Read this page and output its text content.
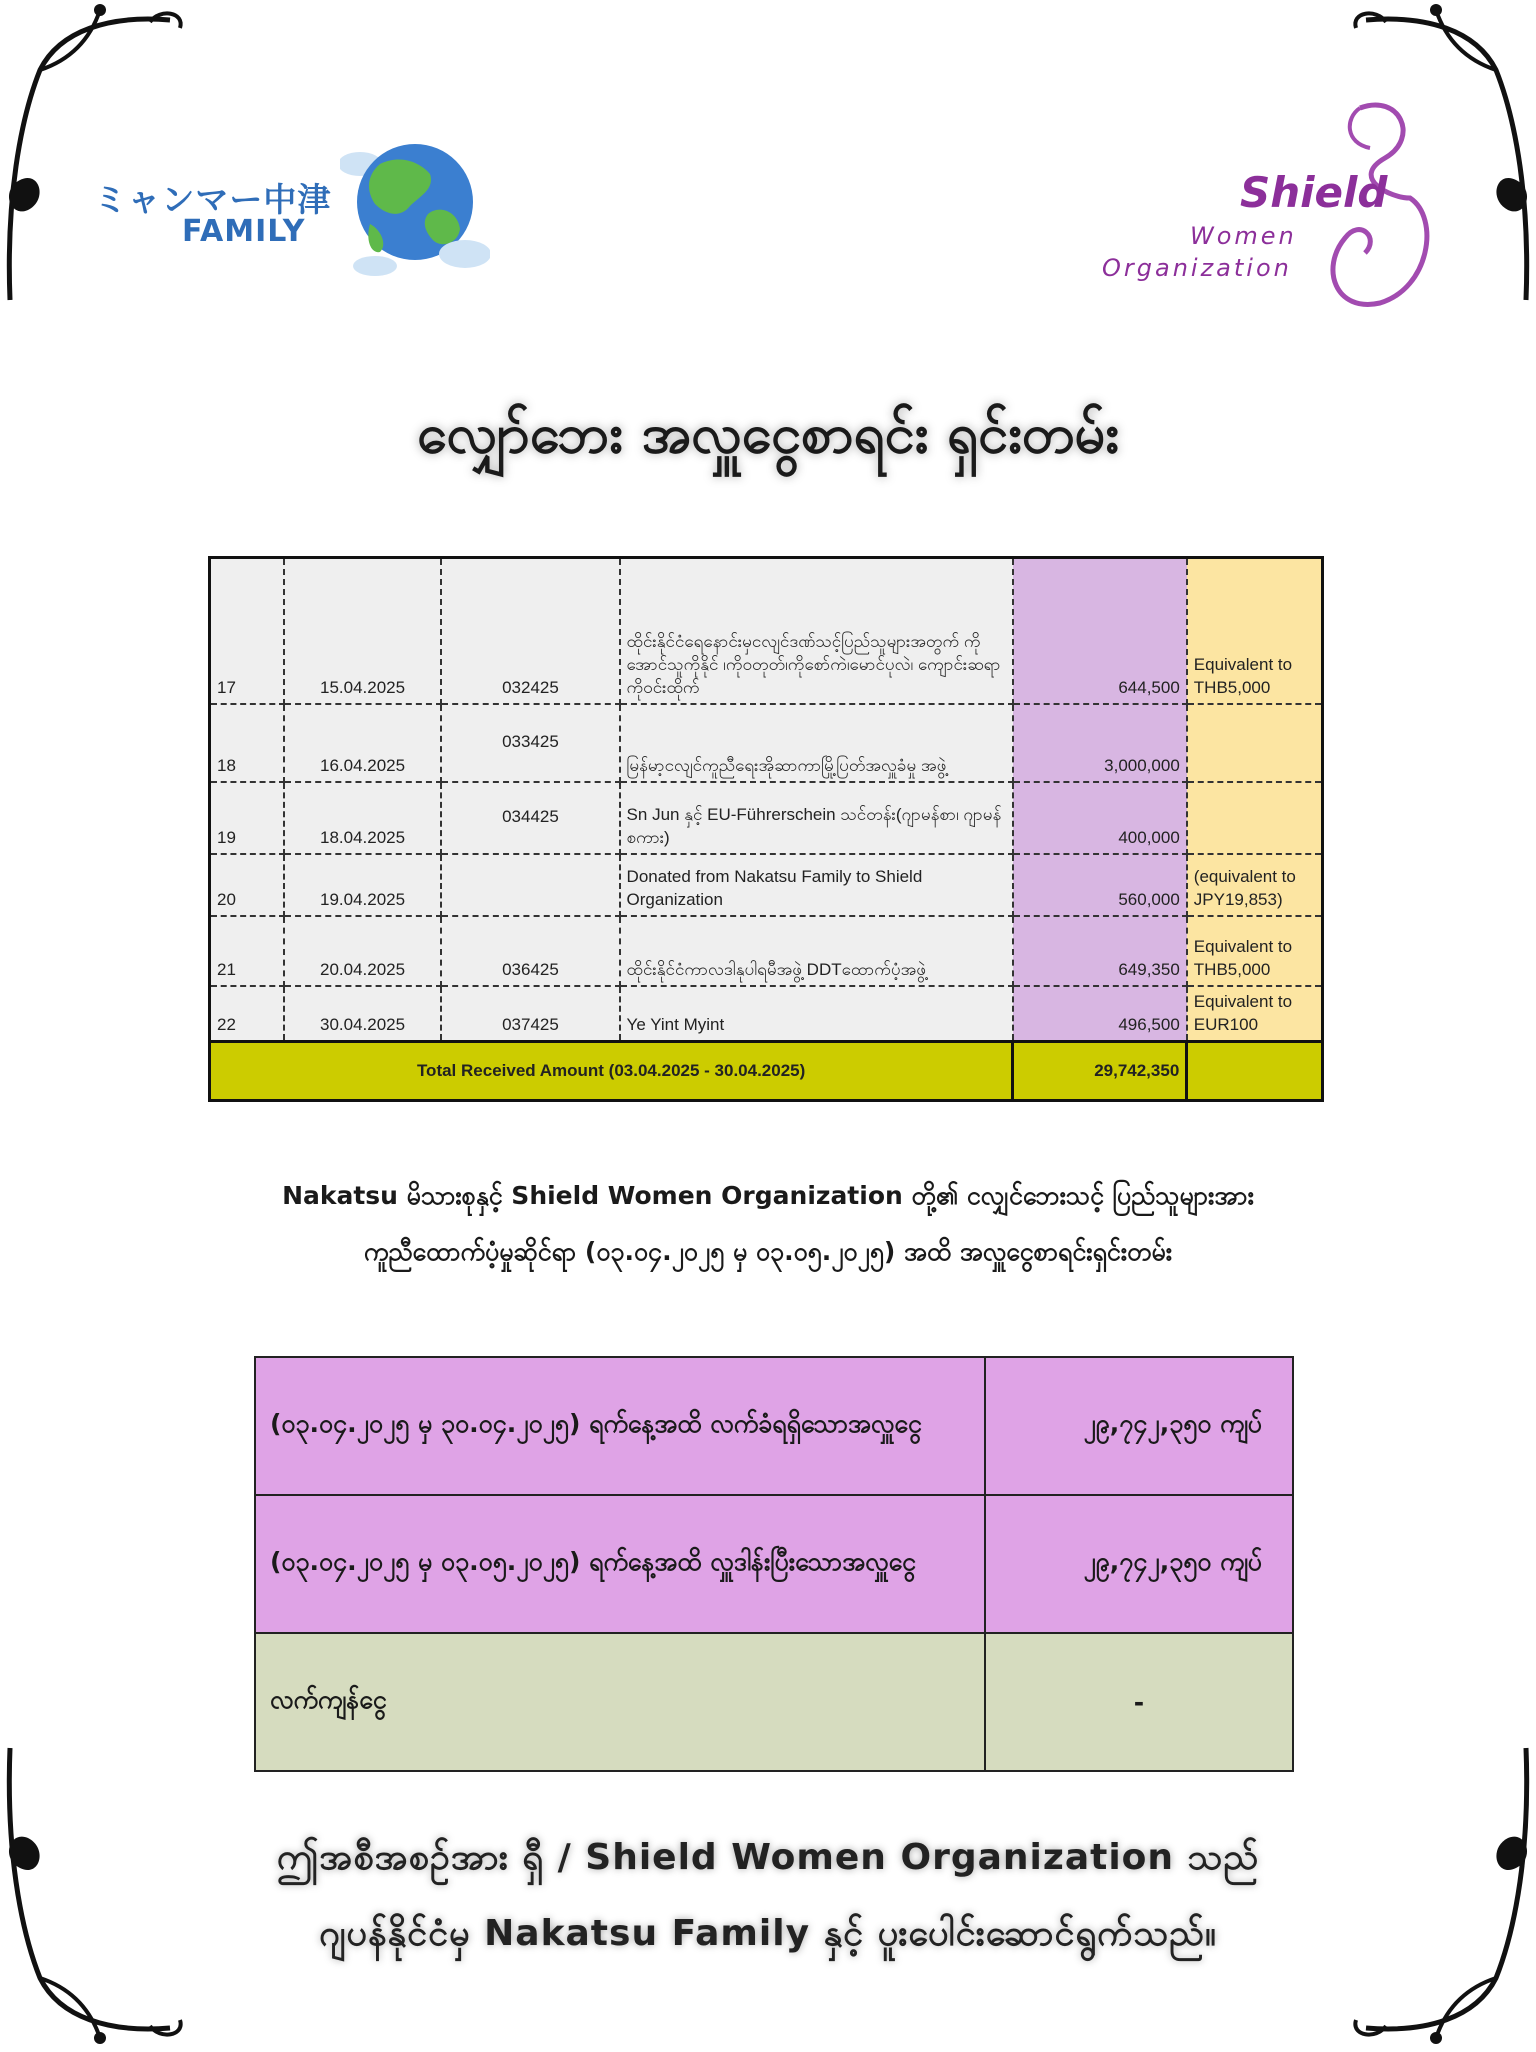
ミャンマー中津
FAMILY
Shield
Women
Organization
လျှော်ဘေး အလှူငွေစာရင်း ရှင်းတမ်း
17	15.04.2025	032425	ထိုင်းနိုင်ငံရေနောင်းမှငလျင်ဒဏ်သင့်ပြည်သူများအတွက် ကိုအောင်သူကိုနိုင် ၊ကိုဝတုတ်၊ကိုစော်ကဲ၊မောင်ပုလဲ၊ ကျောင်းဆရာကိုဝင်းထိုက်	644,500	Equivalent to THB5,000
18	16.04.2025	033425	မြန်မာ့ငလျင်ကူညီရေးအိုဆာကာမြို့ပြတ်အလှူခံမှု အဖွဲ့	3,000,000	
19	18.04.2025	034425	Sn Jun နှင့် EU-Führerschein သင်တန်း(ဂျာမန်စာ၊ ဂျာမန်စကား)	400,000	
20	19.04.2025		Donated from Nakatsu Family to Shield Organization	560,000	(equivalent to JPY19,853)
21	20.04.2025	036425	ထိုင်းနိုင်ငံကာလဒါနုပါရမီအဖွဲ့ DDTထောက်ပံ့အဖွဲ့	649,350	Equivalent to THB5,000
22	30.04.2025	037425	Ye Yint Myint	496,500	Equivalent to EUR100
Total Received Amount (03.04.2025 - 30.04.2025)				29,742,350	
Nakatsu မိသားစုနှင့် Shield Women Organization တို့၏ ငလျှင်ဘေးသင့် ပြည်သူများအား
ကူညီထောက်ပံ့မှုဆိုင်ရာ (၀၃.၀၄.၂၀၂၅ မှ ၀၃.၀၅.၂၀၂၅) အထိ အလှူငွေစာရင်းရှင်းတမ်း
(၀၃.၀၄.၂၀၂၅ မှ ၃၀.၀၄.၂၀၂၅) ရက်နေ့အထိ လက်ခံရရှိသောအလှူငွေ	၂၉,၇၄၂,၃၅၀ ကျပ်
(၀၃.၀၄.၂၀၂၅ မှ ၀၃.၀၅.၂၀၂၅) ရက်နေ့အထိ လှူဒါန်းပြီးသောအလှူငွေ	၂၉,၇၄၂,၃၅၀ ကျပ်
လက်ကျန်ငွေ	-
ဤအစီအစဉ်အား ရှီ / Shield Women Organization သည်
ဂျပန်နိုင်ငံမှ Nakatsu Family နှင့် ပူးပေါင်းဆောင်ရွက်သည်။
